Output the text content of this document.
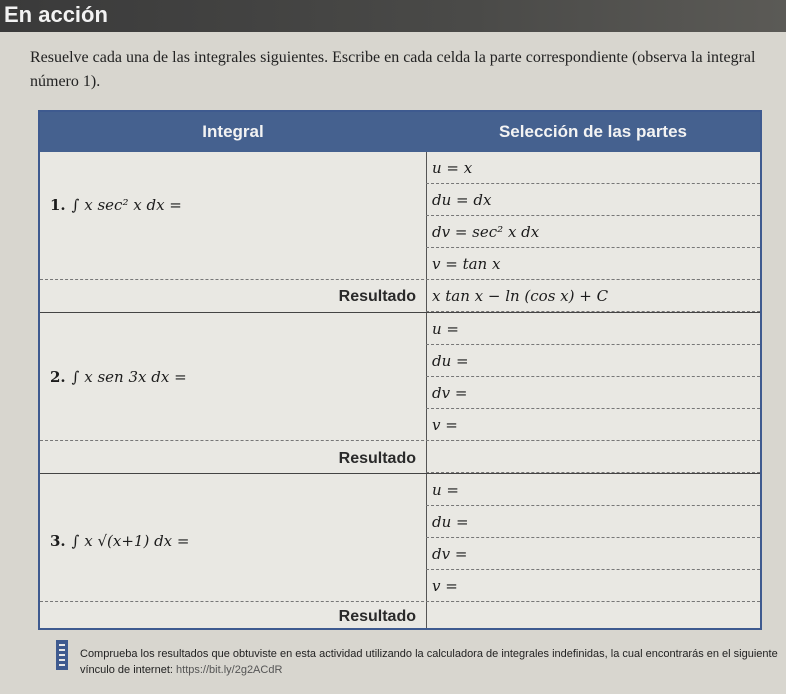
En acción
Resuelve cada una de las integrales siguientes. Escribe en cada celda la parte correspondiente (observa la integral número 1).
Integral	Selección de las partes
1. ∫ x sec² x dx =
u = x
du = dx
dv = sec² x dx
v = tan x
Resultado	x tan x − ln (cos x) + C
2. ∫ x sen 3x dx =
u =
du =
dv =
v =
Resultado
3. ∫ x √(x+1) dx =
u =
du =
dv =
v =
Resultado
Comprueba los resultados que obtuviste en esta actividad utilizando la calculadora de integrales indefinidas, la cual encontrarás en el siguiente vínculo de internet: https://bit.ly/2g2ACdR
